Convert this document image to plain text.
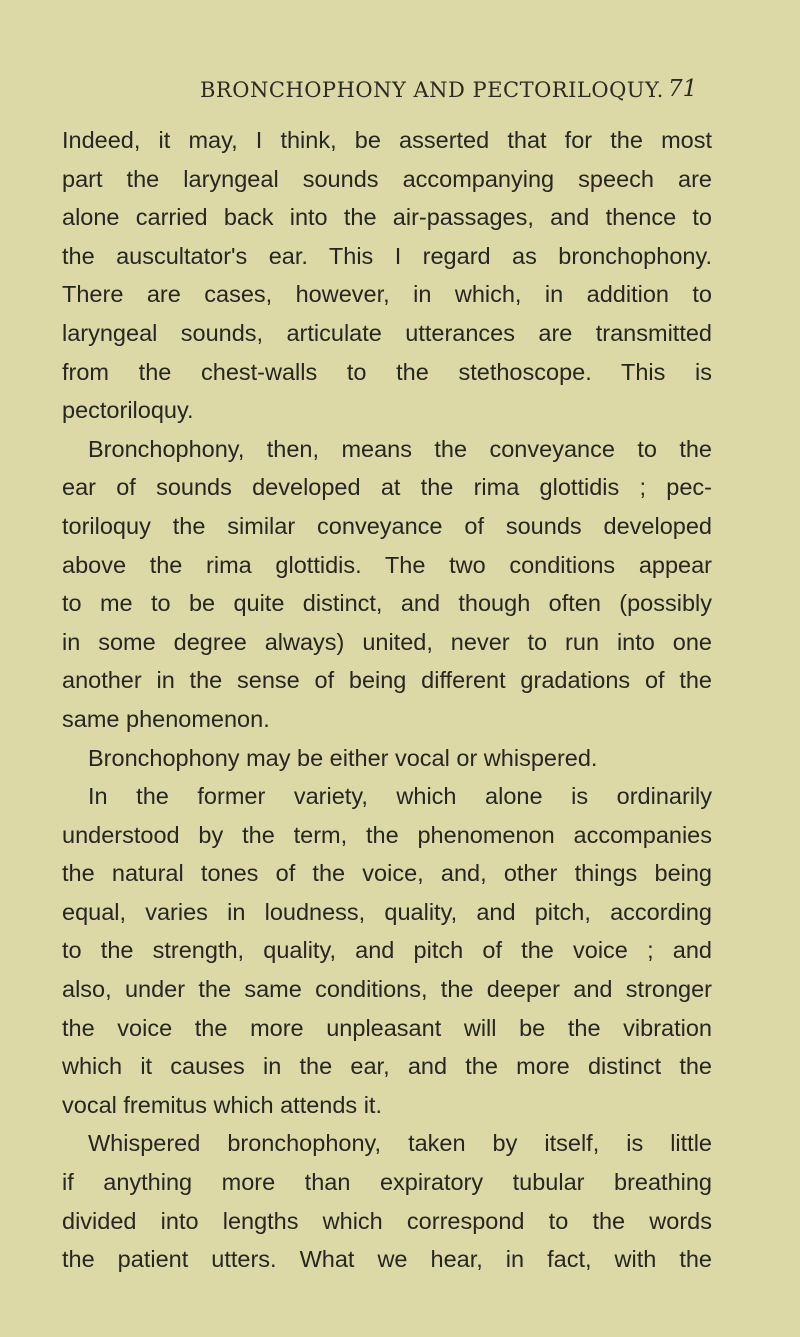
BRONCHOPHONY AND PECTORILOQUY. 71
Indeed, it may, I think, be asserted that for the most
part the laryngeal sounds accompanying speech are
alone carried back into the air-passages, and thence to
the auscultator's ear. This I regard as bronchophony.
There are cases, however, in which, in addition to
laryngeal sounds, articulate utterances are transmitted
from the chest-walls to the stethoscope. This is
pectoriloquy.
Bronchophony, then, means the conveyance to the
ear of sounds developed at the rima glottidis ; pec-
toriloquy the similar conveyance of sounds developed
above the rima glottidis. The two conditions appear
to me to be quite distinct, and though often (possibly
in some degree always) united, never to run into one
another in the sense of being different gradations of the
same phenomenon.
Bronchophony may be either vocal or whispered.
In the former variety, which alone is ordinarily
understood by the term, the phenomenon accompanies
the natural tones of the voice, and, other things being
equal, varies in loudness, quality, and pitch, according
to the strength, quality, and pitch of the voice ; and
also, under the same conditions, the deeper and stronger
the voice the more unpleasant will be the vibration
which it causes in the ear, and the more distinct the
vocal fremitus which attends it.
Whispered bronchophony, taken by itself, is little
if anything more than expiratory tubular breathing
divided into lengths which correspond to the words
the patient utters. What we hear, in fact, with the
